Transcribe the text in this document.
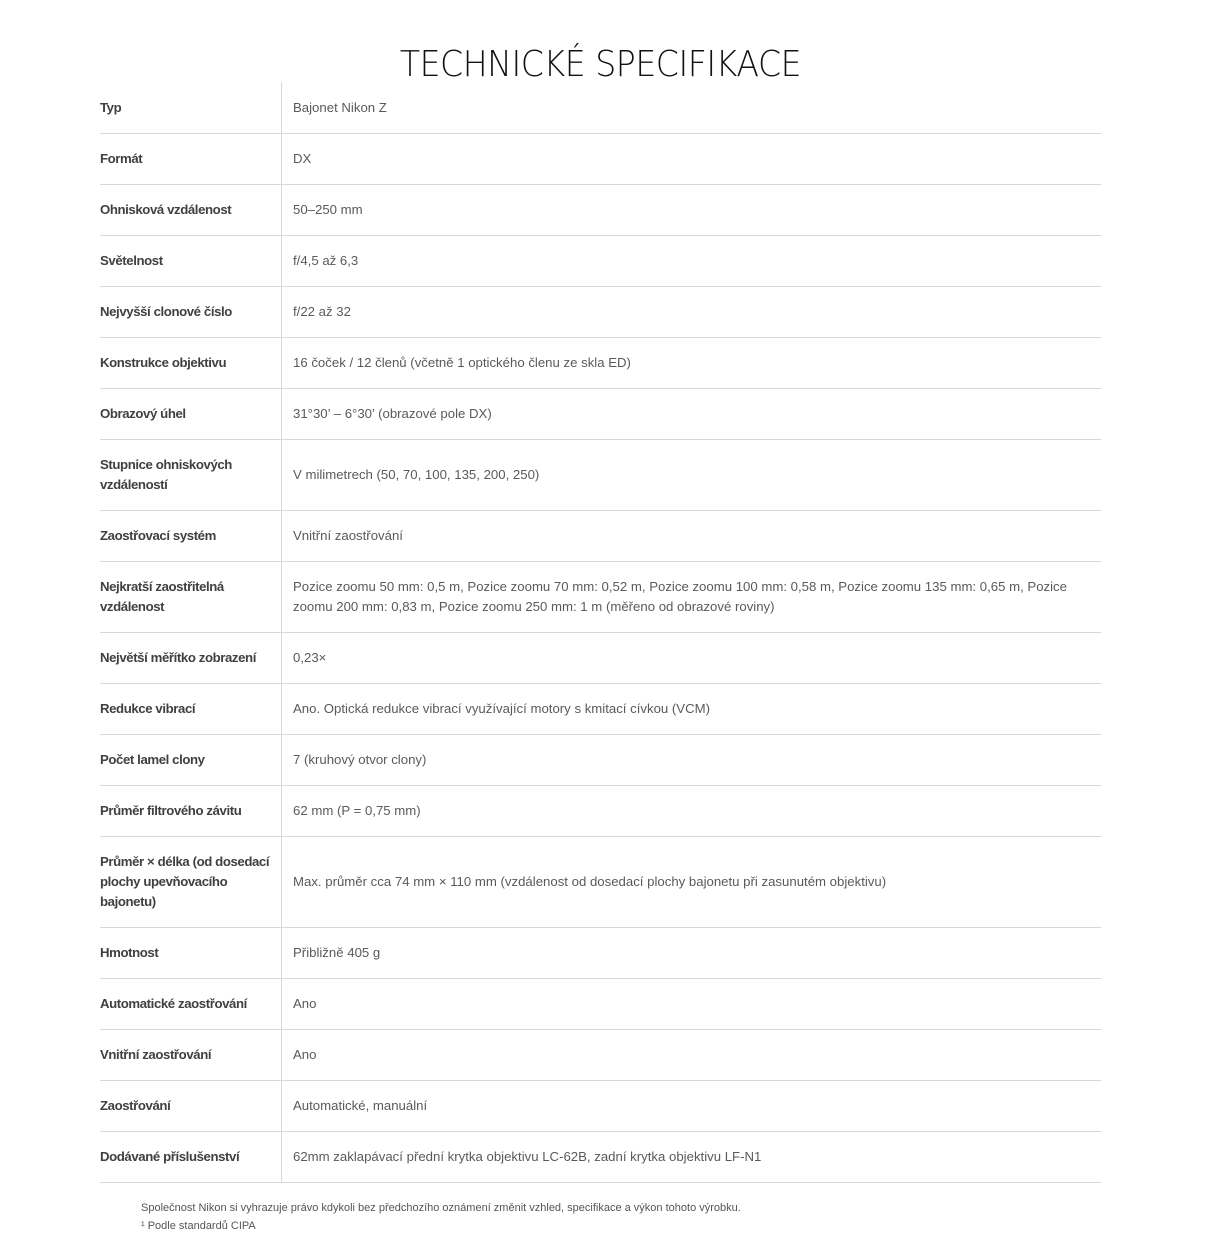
TECHNICKÉ SPECIFIKACE
Typ	Bajonet Nikon Z
Formát	DX
Ohnisková vzdálenost	50–250 mm
Světelnost	f/4,5 až 6,3
Nejvyšší clonové číslo	f/22 až 32
Konstrukce objektivu	16 čoček / 12 členů (včetně 1 optického členu ze skla ED)
Obrazový úhel	31°30’ – 6°30’ (obrazové pole DX)
Stupnice ohniskových vzdáleností	V milimetrech (50, 70, 100, 135, 200, 250)
Zaostřovací systém	Vnitřní zaostřování
Nejkratší zaostřitelná vzdálenost	Pozice zoomu 50 mm: 0,5 m, Pozice zoomu 70 mm: 0,52 m, Pozice zoomu 100 mm: 0,58 m, Pozice zoomu 135 mm: 0,65 m, Pozice zoomu 200 mm: 0,83 m, Pozice zoomu 250 mm: 1 m (měřeno od obrazové roviny)
Největší měřítko zobrazení	0,23×
Redukce vibrací	Ano. Optická redukce vibrací využívající motory s kmitací cívkou (VCM)
Počet lamel clony	7 (kruhový otvor clony)
Průměr filtrového závitu	62 mm (P = 0,75 mm)
Průměr × délka (od dosedací plochy upevňovacího bajonetu)	Max. průměr cca 74 mm × 110 mm (vzdálenost od dosedací plochy bajonetu při zasunutém objektivu)
Hmotnost	Přibližně 405 g
Automatické zaostřování	Ano
Vnitřní zaostřování	Ano
Zaostřování	Automatické, manuální
Dodávané příslušenství	62mm zaklapávací přední krytka objektivu LC-62B, zadní krytka objektivu LF-N1
Společnost Nikon si vyhrazuje právo kdykoli bez předchozího oznámení změnit vzhled, specifikace a výkon tohoto výrobku.
¹ Podle standardů CIPA
